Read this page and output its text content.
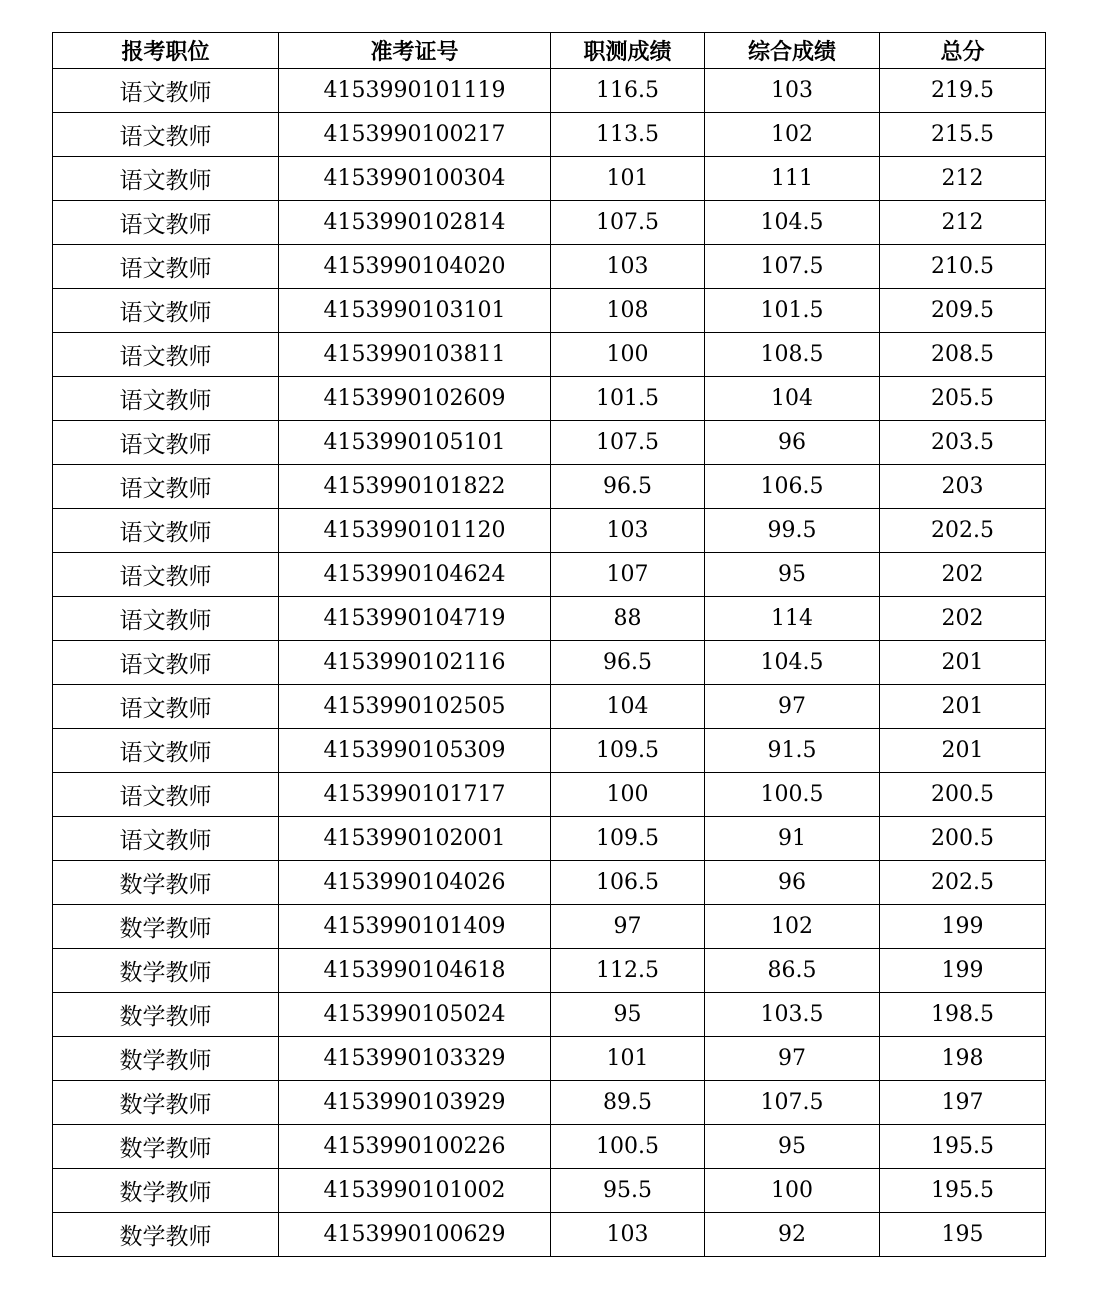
报考职位	准考证号	职测成绩	综合成绩	总分
语文教师	4153990101119	116.5	103	219.5
语文教师	4153990100217	113.5	102	215.5
语文教师	4153990100304	101	111	212
语文教师	4153990102814	107.5	104.5	212
语文教师	4153990104020	103	107.5	210.5
语文教师	4153990103101	108	101.5	209.5
语文教师	4153990103811	100	108.5	208.5
语文教师	4153990102609	101.5	104	205.5
语文教师	4153990105101	107.5	96	203.5
语文教师	4153990101822	96.5	106.5	203
语文教师	4153990101120	103	99.5	202.5
语文教师	4153990104624	107	95	202
语文教师	4153990104719	88	114	202
语文教师	4153990102116	96.5	104.5	201
语文教师	4153990102505	104	97	201
语文教师	4153990105309	109.5	91.5	201
语文教师	4153990101717	100	100.5	200.5
语文教师	4153990102001	109.5	91	200.5
数学教师	4153990104026	106.5	96	202.5
数学教师	4153990101409	97	102	199
数学教师	4153990104618	112.5	86.5	199
数学教师	4153990105024	95	103.5	198.5
数学教师	4153990103329	101	97	198
数学教师	4153990103929	89.5	107.5	197
数学教师	4153990100226	100.5	95	195.5
数学教师	4153990101002	95.5	100	195.5
数学教师	4153990100629	103	92	195
